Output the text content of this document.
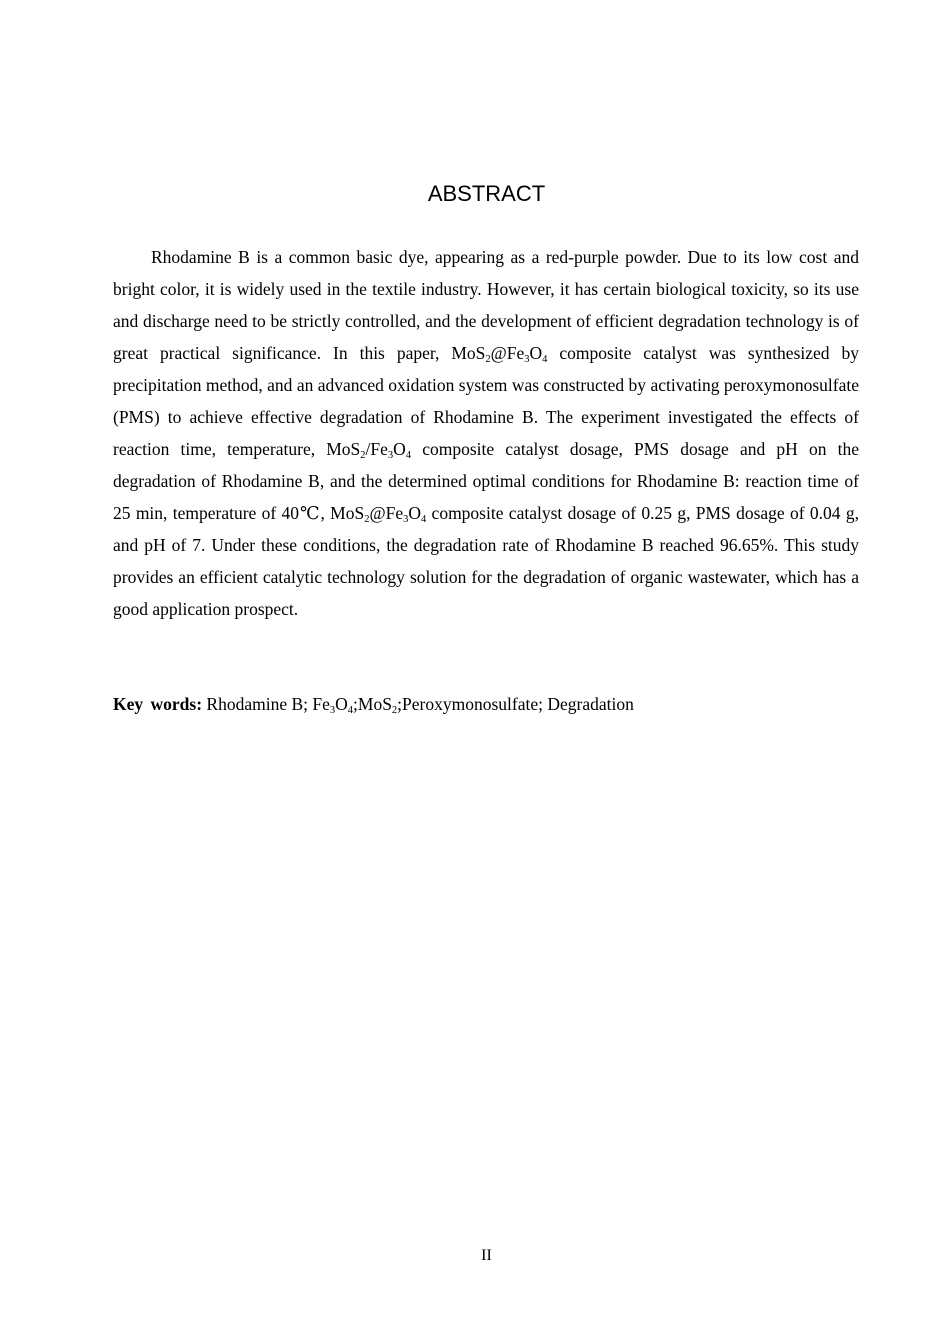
ABSTRACT

Rhodamine B is a common basic dye, appearing as a red-purple powder. Due to its low cost and bright color, it is widely used in the textile industry. However, it has certain biological toxicity, so its use and discharge need to be strictly controlled, and the development of efficient degradation technology is of great practical significance. In this paper, $MoS_2@Fe_3O_4$ composite catalyst was synthesized by precipitation method, and an advanced oxidation system was constructed by activating peroxymonosulfate (PMS) to achieve effective degradation of Rhodamine B. The experiment investigated the effects of reaction time, temperature, $MoS_2/Fe_3O_4$ composite catalyst dosage, PMS dosage and pH on the degradation of Rhodamine B, and the determined optimal conditions for Rhodamine B: reaction time of 25 min, temperature of 40℃, $MoS_2@Fe_3O_4$ composite catalyst dosage of 0.25 g, PMS dosage of 0.04 g, and pH of 7. Under these conditions, the degradation rate of Rhodamine B reached 96.65%. This study provides an efficient catalytic technology solution for the degradation of organic wastewater, which has a good application prospect.

Key words: Rhodamine B; $Fe_3O_4;MoS_2;Peroxymonosulfate$; Degradation

II
